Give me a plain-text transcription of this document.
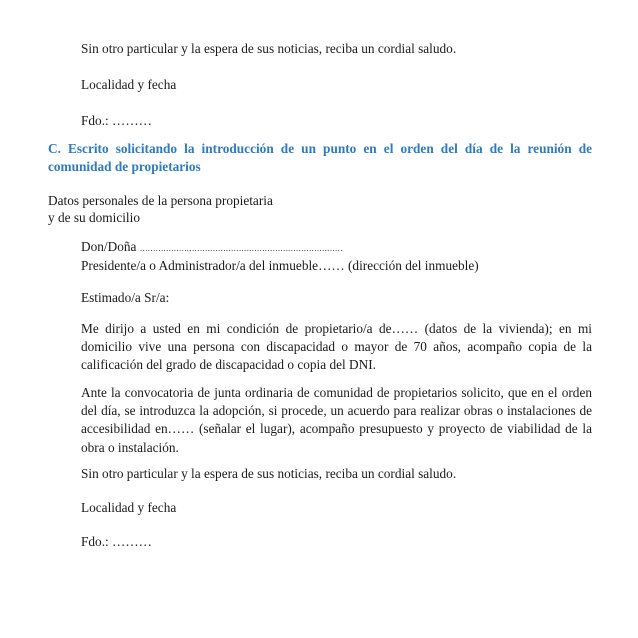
Sin otro particular y la espera de sus noticias, reciba un cordial saludo.
Localidad y fecha
Fdo.: ………
C. Escrito solicitando la introducción de un punto en el orden del día de la reunión de comunidad de propietarios
Datos personales de la persona propietaria
y de su domicilio
Don/Doña ……………………………………………………………………
Presidente/a o Administrador/a del inmueble…… (dirección del inmueble)
Estimado/a Sr/a:
Me dirijo a usted en mi condición de propietario/a de…… (datos de la vivienda); en mi domicilio vive una persona con discapacidad o mayor de 70 años, acompaño copia de la calificación del grado de discapacidad o copia del DNI.
Ante la convocatoria de junta ordinaria de comunidad de propietarios solicito, que en el orden del día, se introduzca la adopción, si procede, un acuerdo para realizar obras o instalaciones de accesibilidad en…… (señalar el lugar), acompaño presupuesto y proyecto de viabilidad de la obra o instalación.
Sin otro particular y la espera de sus noticias, reciba un cordial saludo.
Localidad y fecha
Fdo.: ………
